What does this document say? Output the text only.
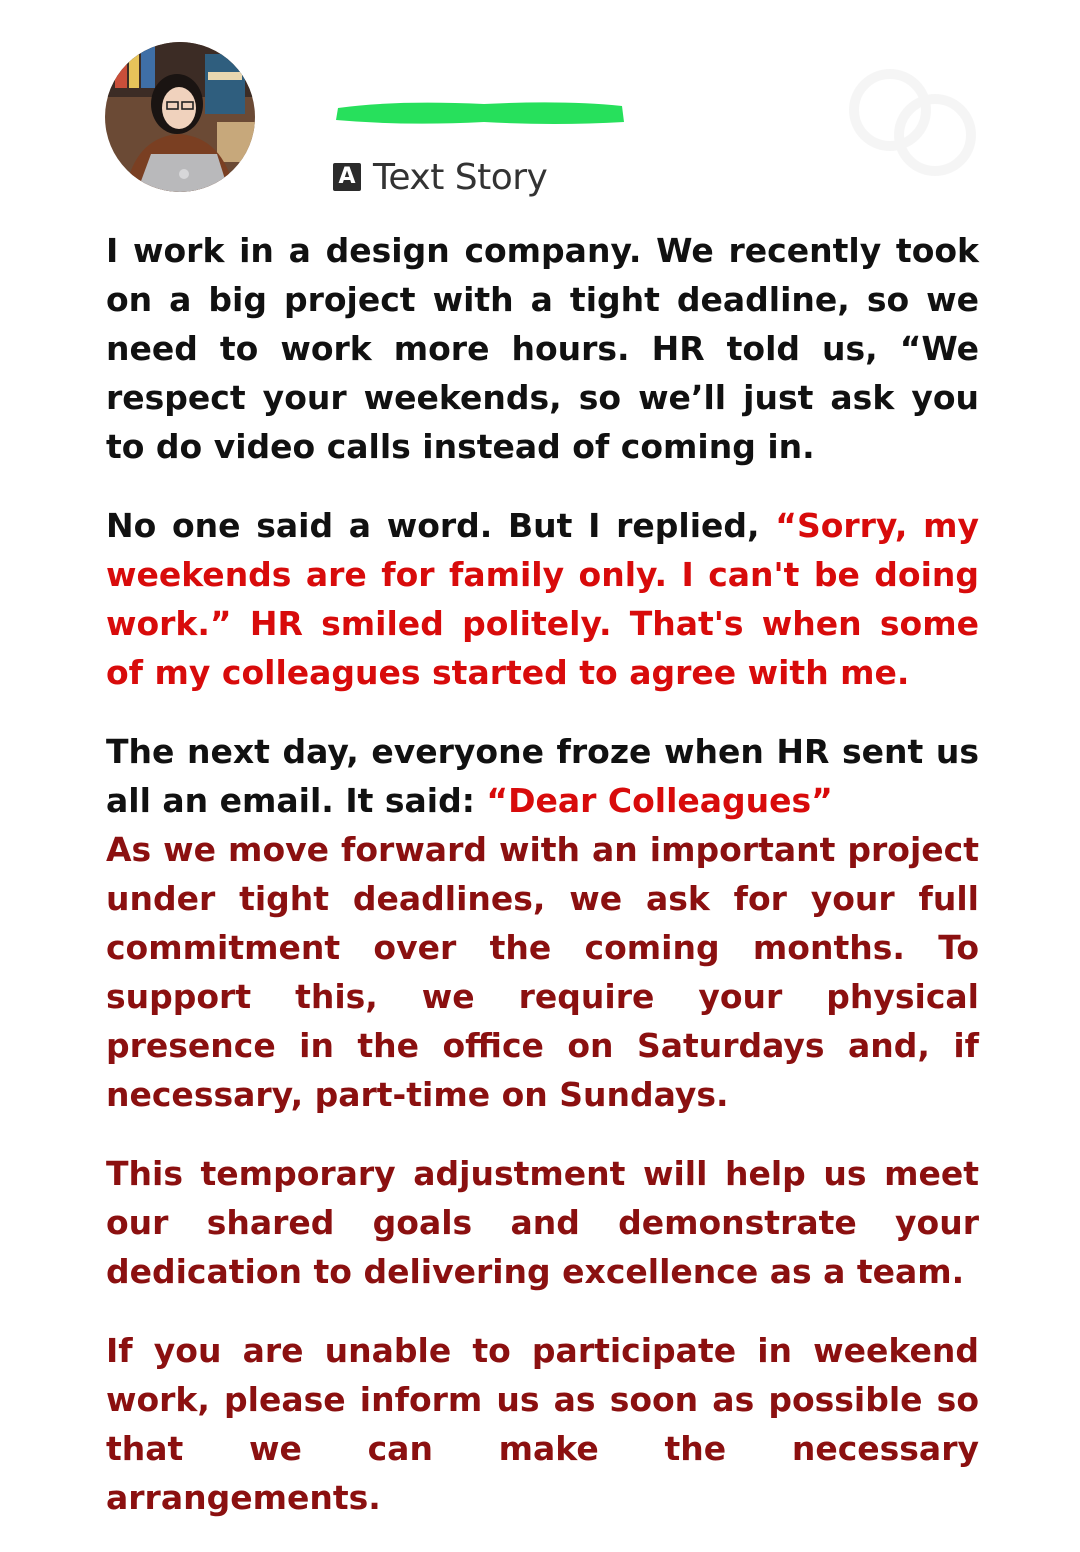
A Text Story

I work in a design company. We recently took on a big project with a tight deadline, so we need to work more hours. HR told us, “We respect your weekends, so we’ll just ask you to do video calls instead of coming in.

No one said a word. But I replied, “Sorry, my weekends are for family only. I can't be doing work.” HR smiled politely. That's when some of my colleagues started to agree with me.

The next day, everyone froze when HR sent us all an email. It said: “Dear Colleagues”

As we move forward with an important project under tight deadlines, we ask for your full commitment over the coming months. To support this, we require your physical presence in the office on Saturdays and, if necessary, part-time on Sundays.

This temporary adjustment will help us meet our shared goals and demonstrate your dedication to delivering excellence as a team.

If you are unable to participate in weekend work, please inform us as soon as possible so that we can make the necessary arrangements.
